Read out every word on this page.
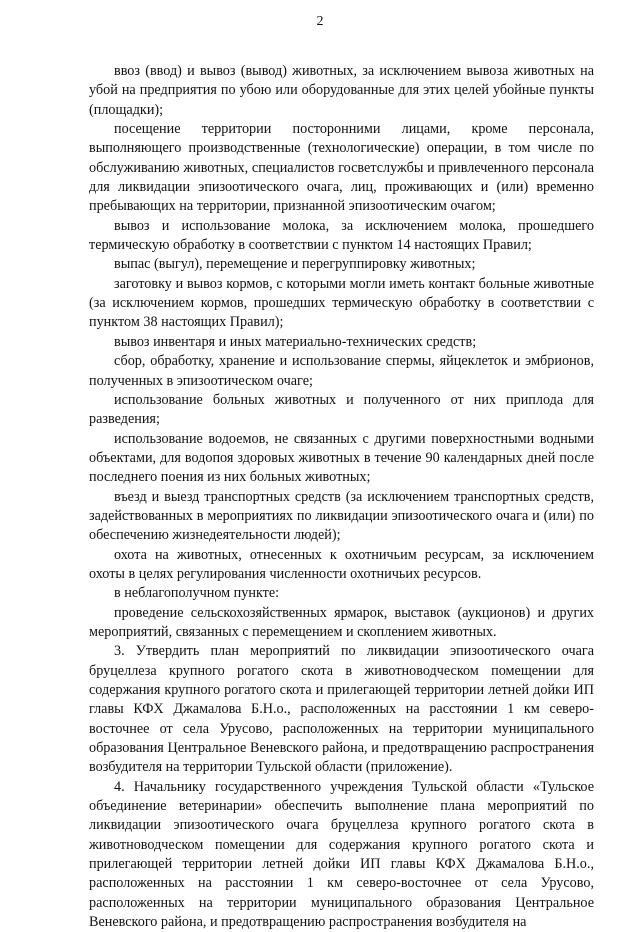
2

ввоз (ввод) и вывоз (вывод) животных, за исключением вывоза животных на убой на предприятия по убою или оборудованные для этих целей убойные пункты (площадки);

посещение территории посторонними лицами, кроме персонала, выполняющего производственные (технологические) операции, в том числе по обслуживанию животных, специалистов госветслужбы и привлеченного персонала для ликвидации эпизоотического очага, лиц, проживающих и (или) временно пребывающих на территории, признанной эпизоотическим очагом;

вывоз и использование молока, за исключением молока, прошедшего термическую обработку в соответствии с пунктом 14 настоящих Правил;

выпас (выгул), перемещение и перегруппировку животных;

заготовку и вывоз кормов, с которыми могли иметь контакт больные животные (за исключением кормов, прошедших термическую обработку в соответствии с пунктом 38 настоящих Правил);

вывоз инвентаря и иных материально-технических средств;

сбор, обработку, хранение и использование спермы, яйцеклеток и эмбрионов, полученных в эпизоотическом очаге;

использование больных животных и полученного от них приплода для разведения;

использование водоемов, не связанных с другими поверхностными водными объектами, для водопоя здоровых животных в течение 90 календарных дней после последнего поения из них больных животных;

въезд и выезд транспортных средств (за исключением транспортных средств, задействованных в мероприятиях по ликвидации эпизоотического очага и (или) по обеспечению жизнедеятельности людей);

охота на животных, отнесенных к охотничьим ресурсам, за исключением охоты в целях регулирования численности охотничьих ресурсов.

в неблагополучном пункте:

проведение сельскохозяйственных ярмарок, выставок (аукционов) и других мероприятий, связанных с перемещением и скоплением животных.

3. Утвердить план мероприятий по ликвидации эпизоотического очага бруцеллеза крупного рогатого скота в животноводческом помещении для содержания крупного рогатого скота и прилегающей территории летней дойки ИП главы КФХ Джамалова Б.Н.о., расположенных на расстоянии 1 км северо-восточнее от села Урусово, расположенных на территории муниципального образования Центральное Веневского района, и предотвращению распространения возбудителя на территории Тульской области (приложение).

4. Начальнику государственного учреждения Тульской области «Тульское объединение ветеринарии» обеспечить выполнение плана мероприятий по ликвидации эпизоотического очага бруцеллеза крупного рогатого скота в животноводческом помещении для содержания крупного рогатого скота и прилегающей территории летней дойки ИП главы КФХ Джамалова Б.Н.о., расположенных на расстоянии 1 км северо-восточнее от села Урусово, расположенных на территории муниципального образования Центральное Веневского района, и предотвращению распространения возбудителя на
